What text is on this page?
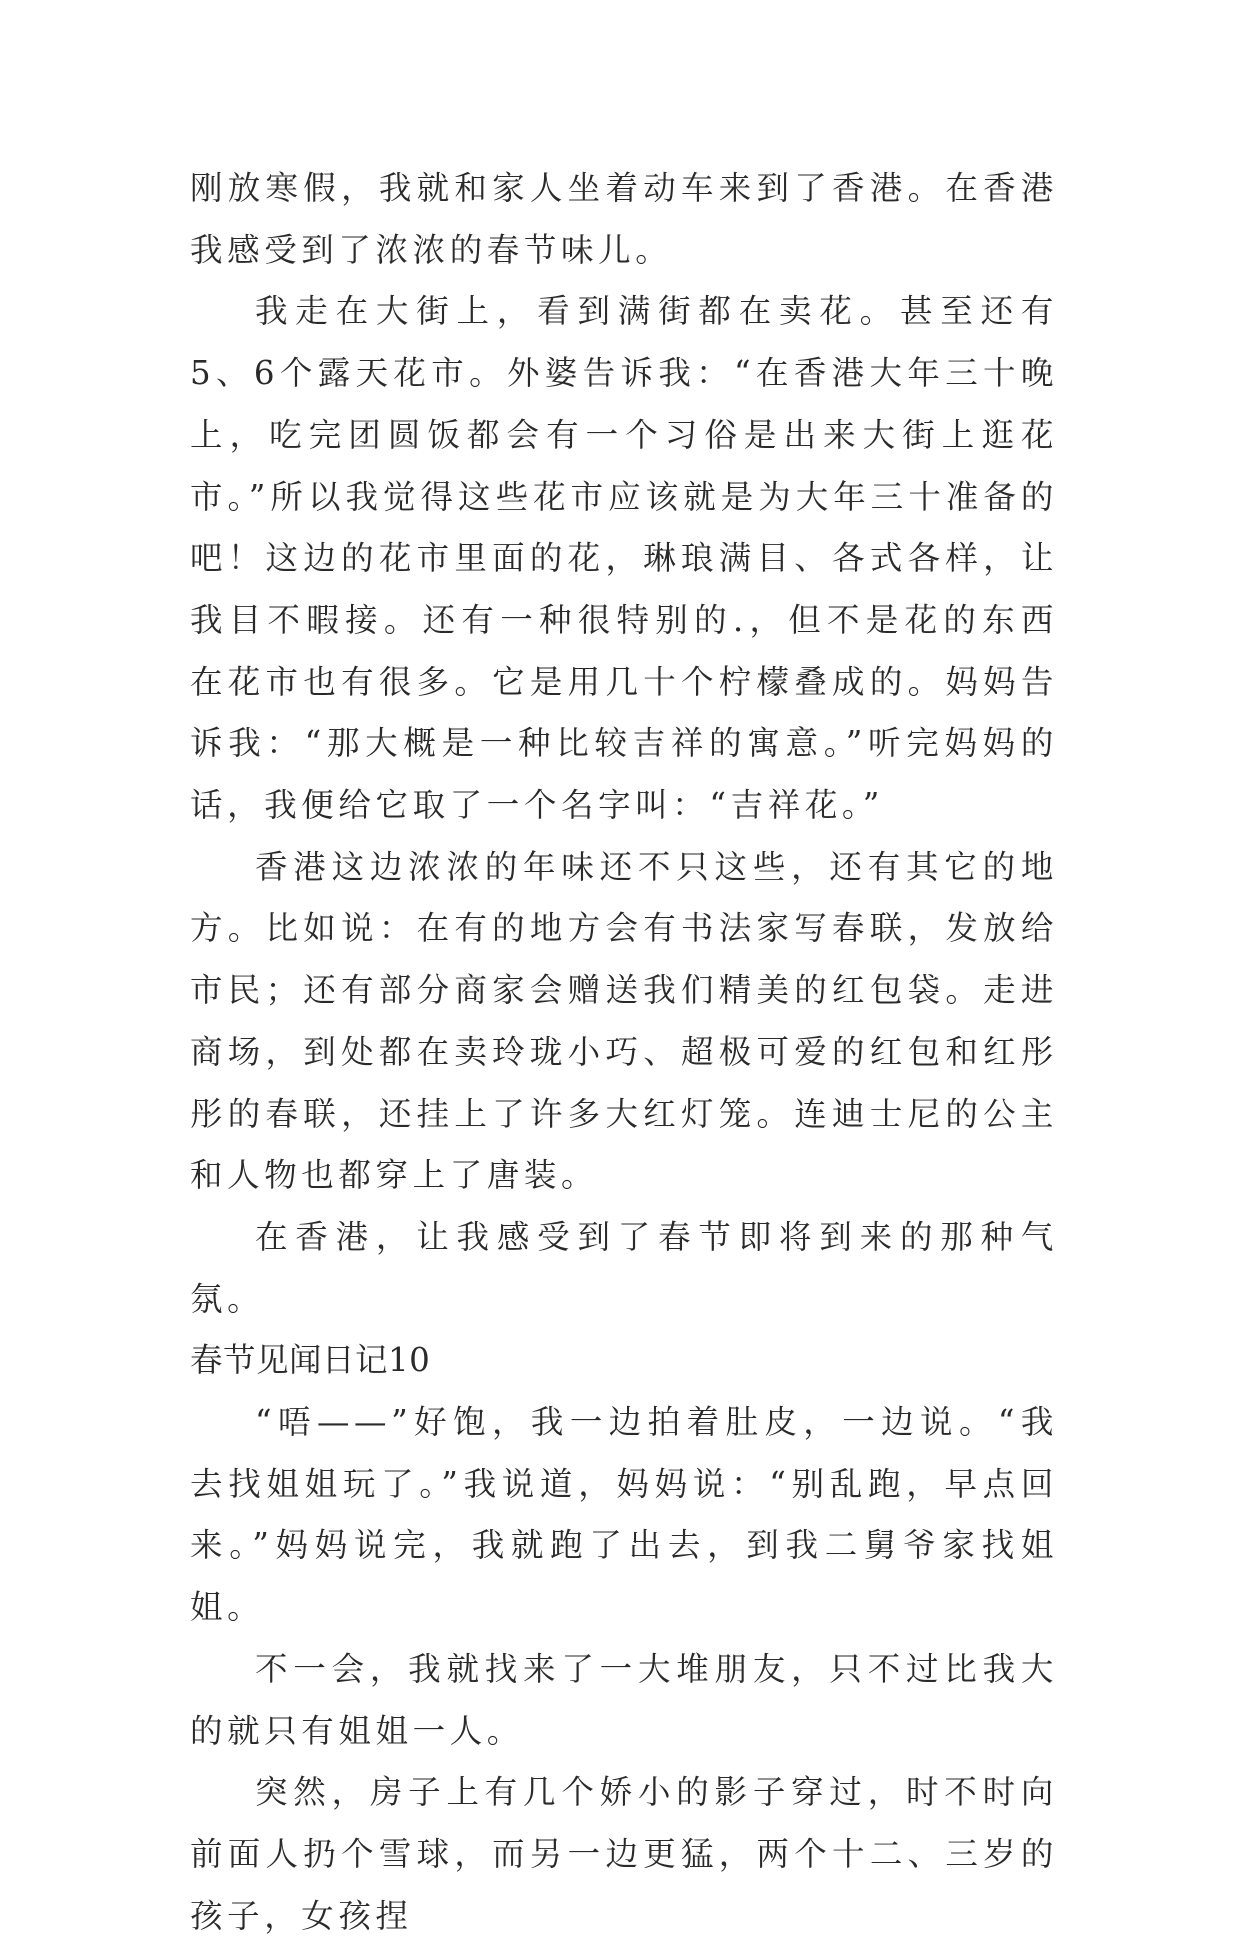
刚放寒假，我就和家人坐着动车来到了香港。在香港我感受到了浓浓的春节味儿。

我走在大街上，看到满街都在卖花。甚至还有5、6个露天花市。外婆告诉我：“在香港大年三十晚上，吃完团圆饭都会有一个习俗是出来大街上逛花市。”所以我觉得这些花市应该就是为大年三十准备的吧！这边的花市里面的花，琳琅满目、各式各样，让我目不暇接。还有一种很特别的.，但不是花的东西在花市也有很多。它是用几十个柠檬叠成的。妈妈告诉我：“那大概是一种比较吉祥的寓意。”听完妈妈的话，我便给它取了一个名字叫：“吉祥花。”

香港这边浓浓的年味还不只这些，还有其它的地方。比如说：在有的地方会有书法家写春联，发放给市民；还有部分商家会赠送我们精美的红包袋。走进商场，到处都在卖玲珑小巧、超极可爱的红包和红彤彤的春联，还挂上了许多大红灯笼。连迪士尼的公主和人物也都穿上了唐装。

在香港，让我感受到了春节即将到来的那种气氛。

春节见闻日记10

“唔——”好饱，我一边拍着肚皮，一边说。“我去找姐姐玩了。”我说道，妈妈说：“别乱跑，早点回来。”妈妈说完，我就跑了出去，到我二舅爷家找姐姐。

不一会，我就找来了一大堆朋友，只不过比我大的就只有姐姐一人。

突然，房子上有几个娇小的影子穿过，时不时向前面人扔个雪球，而另一边更猛，两个十二、三岁的孩子，女孩捏
